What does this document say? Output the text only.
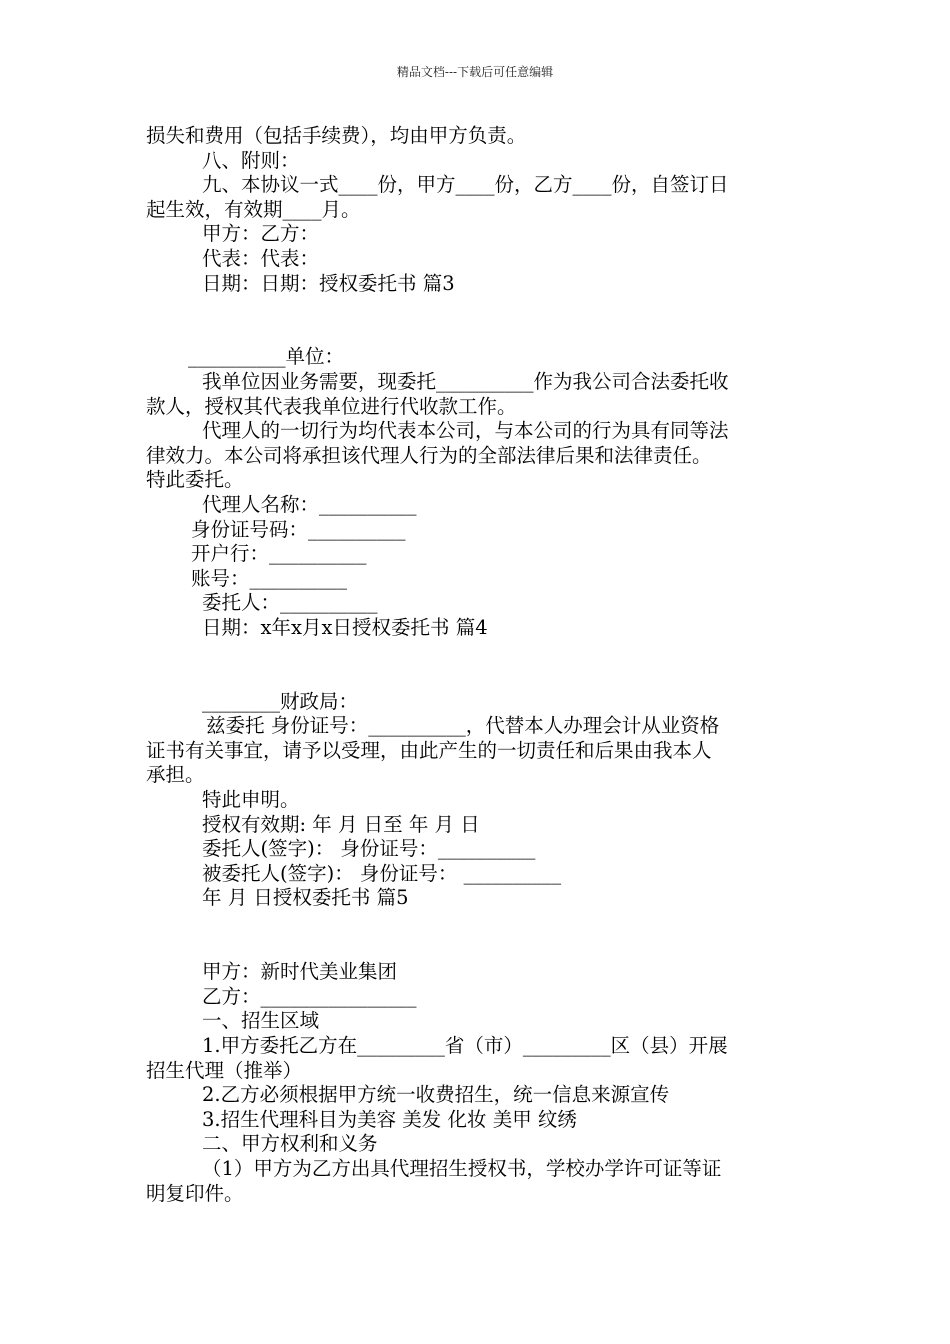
精品文档---下载后可任意编辑
损失和费用（包括手续费），均由甲方负责。
八、附则：
九、本协议一式____份，甲方____份，乙方____份，自签订日
起生效，有效期____月。
甲方：乙方：
代表：代表：
日期：日期：授权委托书 篇3
__________单位：
我单位因业务需要，现委托__________作为我公司合法委托收
款人，授权其代表我单位进行代收款工作。
代理人的一切行为均代表本公司，与本公司的行为具有同等法
律效力。本公司将承担该代理人行为的全部法律后果和法律责任。
特此委托。
代理人名称：__________
身份证号码：__________
开户行：__________
账号：__________
委托人：__________
日期：x年x月x日授权委托书 篇4
________财政局：
兹委托 身份证号：__________，代替本人办理会计从业资格
证书有关事宜，请予以受理，由此产生的一切责任和后果由我本人
承担。
特此申明。
授权有效期: 年 月 日至 年 月 日
委托人(签字)： 身份证号：__________
被委托人(签字)： 身份证号： __________
年 月 日授权委托书 篇5
甲方：新时代美业集团
乙方：________________
一、招生区域
1.甲方委托乙方在_________省（市）_________区（县）开展
招生代理（推举）
2.乙方必须根据甲方统一收费招生，统一信息来源宣传
3.招生代理科目为美容 美发 化妆 美甲 纹绣
二、甲方权利和义务
（1）甲方为乙方出具代理招生授权书，学校办学许可证等证
明复印件。
